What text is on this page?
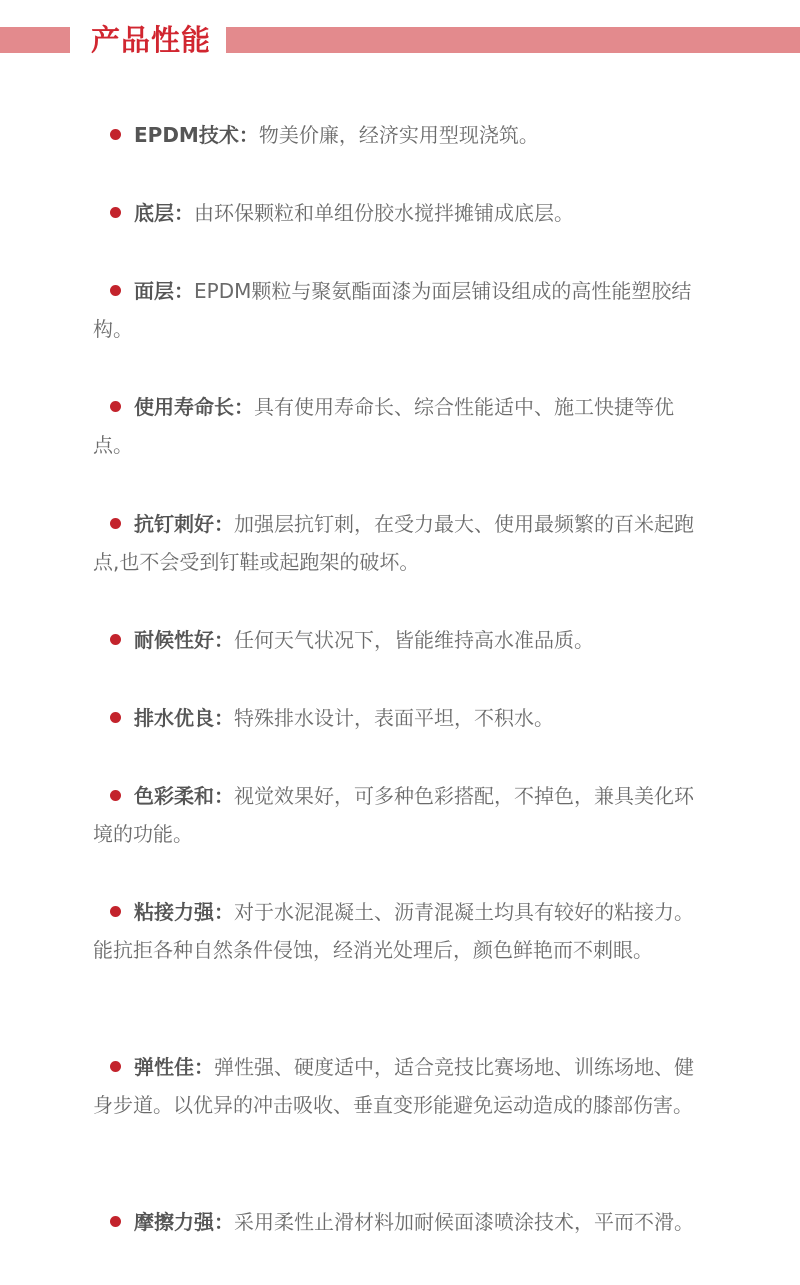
产品性能
EPDM技术：物美价廉，经济实用型现浇筑。
底层：由环保颗粒和单组份胶水搅拌摊铺成底层。
面层：EPDM颗粒与聚氨酯面漆为面层铺设组成的高性能塑胶结构。
使用寿命长：具有使用寿命长、综合性能适中、施工快捷等优点。
抗钉刺好：加强层抗钉刺，在受力最大、使用最频繁的百米起跑点,也不会受到钉鞋或起跑架的破坏。
耐候性好：任何天气状况下，皆能维持高水准品质。
排水优良：特殊排水设计，表面平坦，不积水。
色彩柔和：视觉效果好，可多种色彩搭配，不掉色，兼具美化环境的功能。
粘接力强：对于水泥混凝土、沥青混凝土均具有较好的粘接力。能抗拒各种自然条件侵蚀，经消光处理后，颜色鲜艳而不刺眼。
弹性佳：弹性强、硬度适中，适合竞技比赛场地、训练场地、健身步道。以优异的冲击吸收、垂直变形能避免运动造成的膝部伤害。
摩擦力强：采用柔性止滑材料加耐候面漆喷涂技术，平而不滑。
